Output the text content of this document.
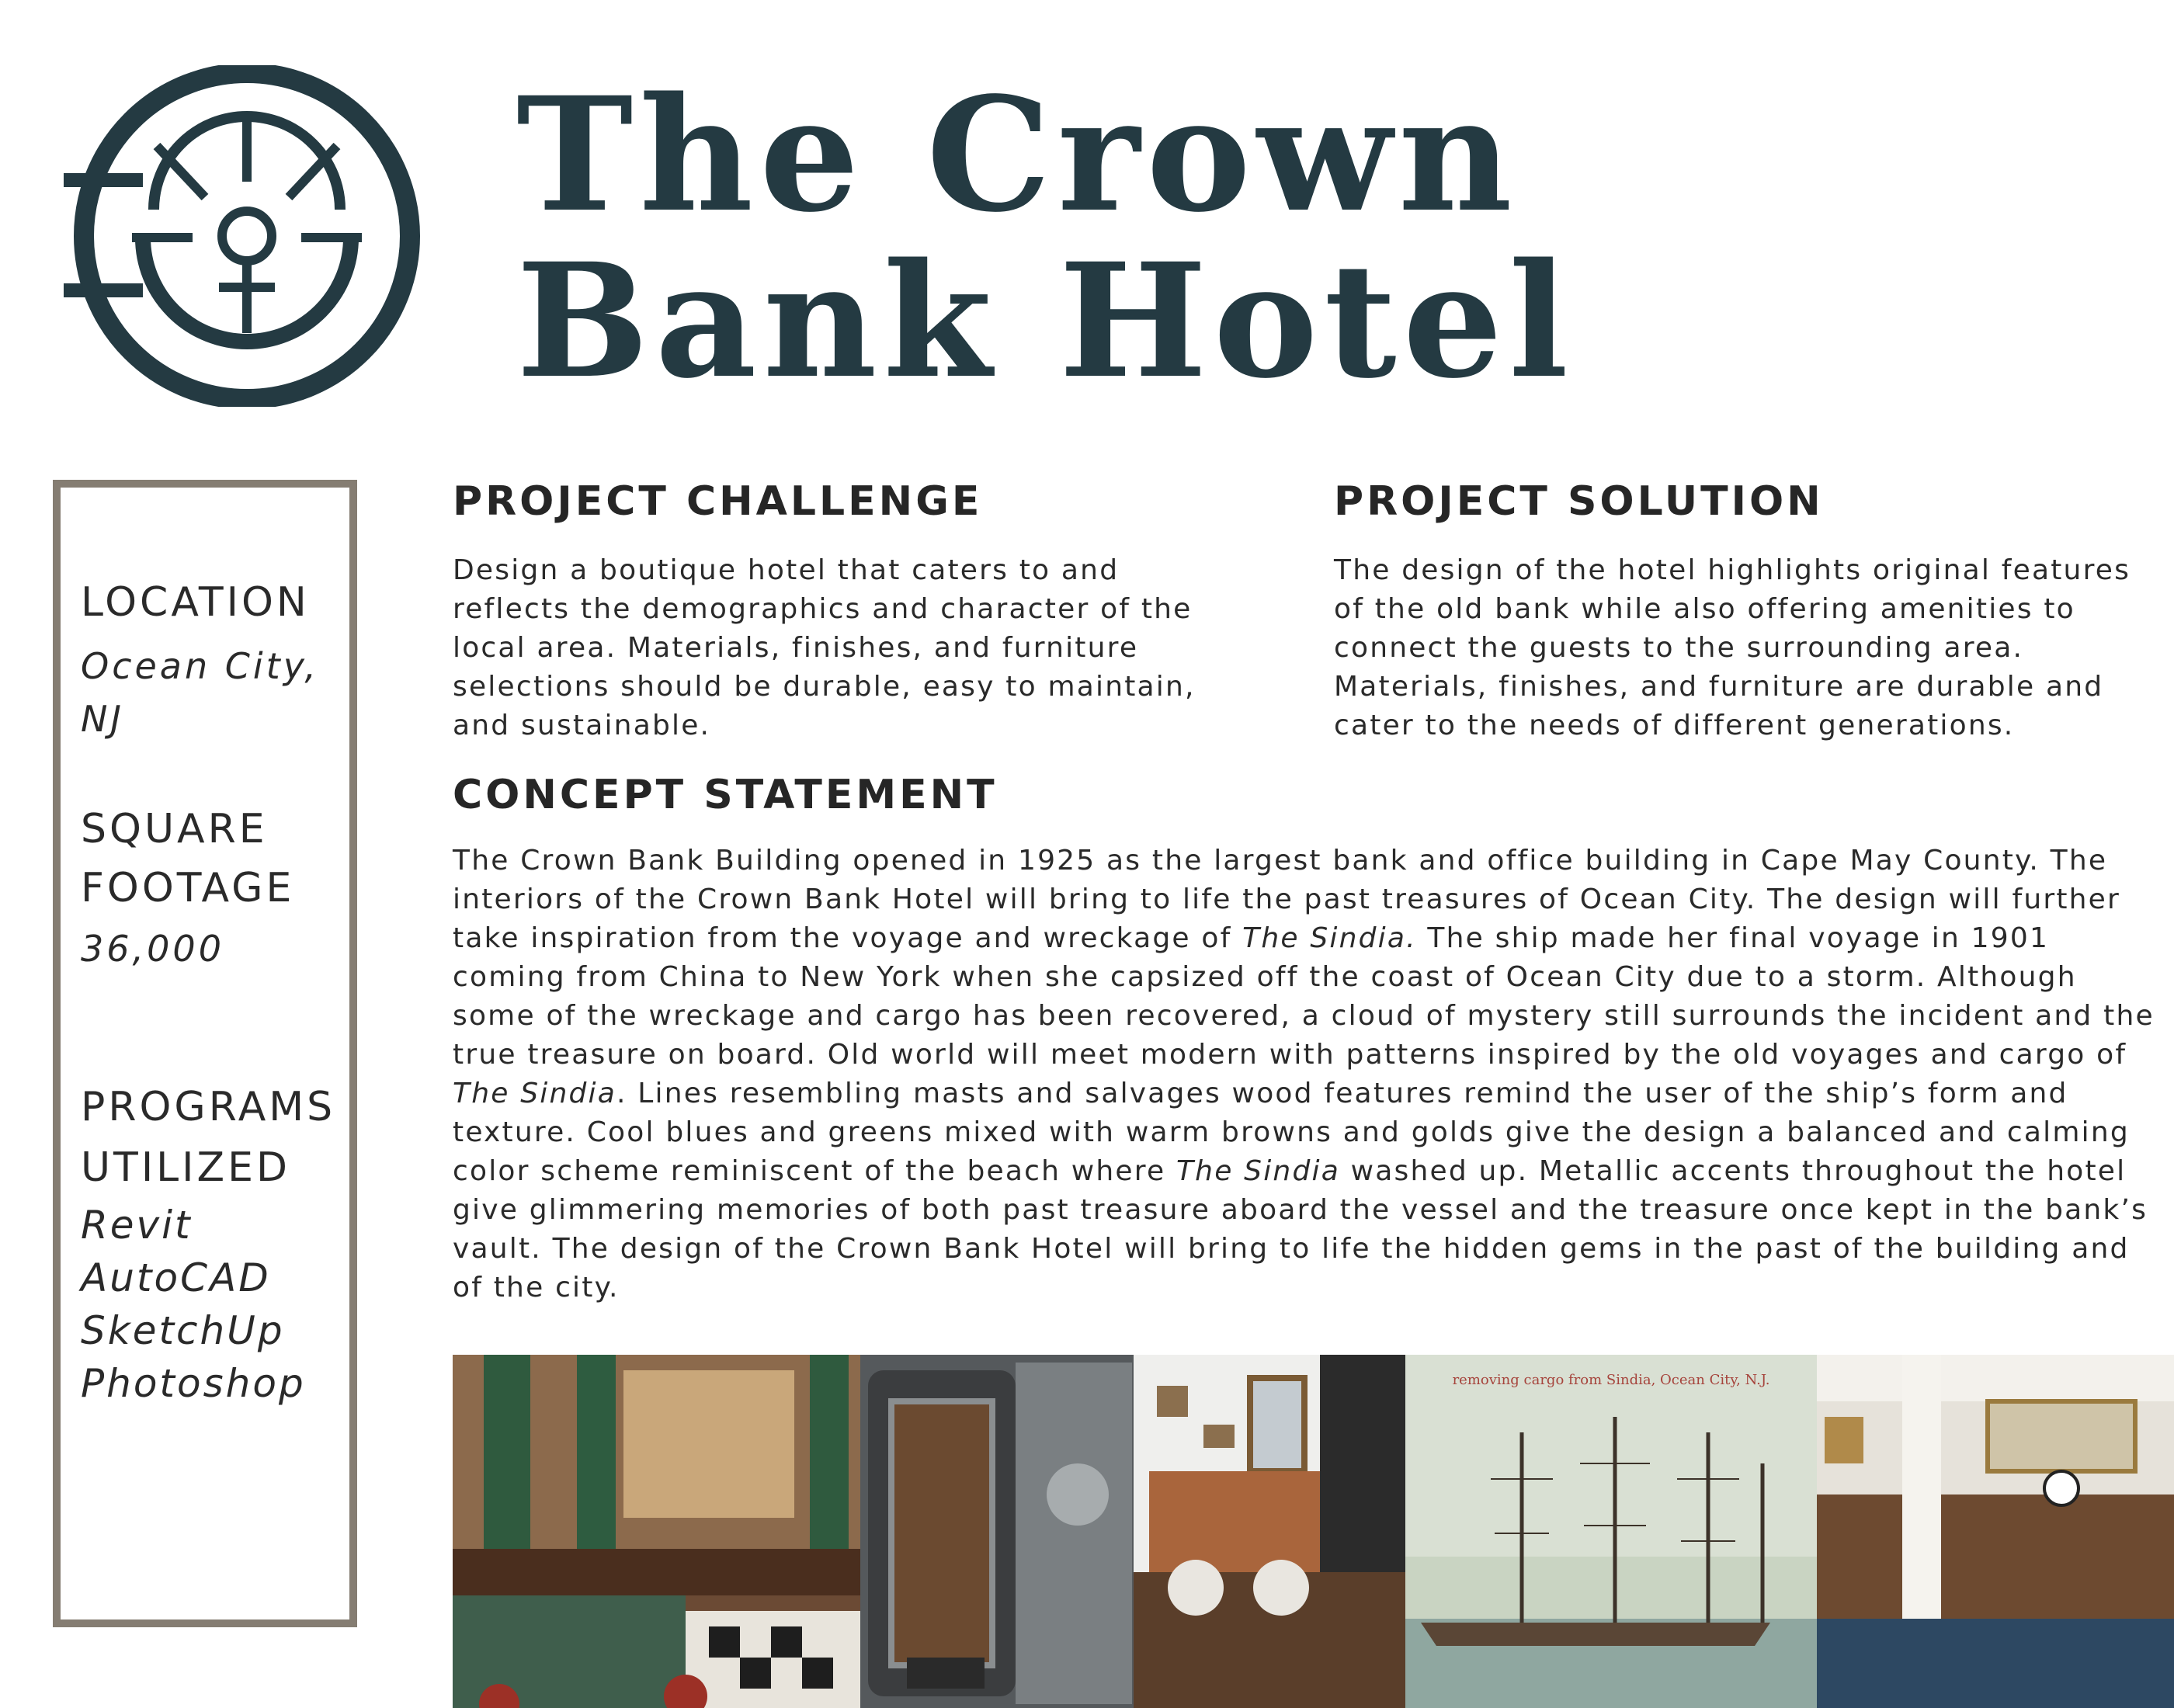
The Crown
Bank Hotel
LOCATION

Ocean City, NJ

SQUARE
FOOTAGE

36,000

PROGRAMS
UTILIZED
Revit
AutoCAD
SketchUp
Photoshop
PROJECT CHALLENGE

Design a boutique hotel that caters to and reflects the demographics and character of the local area. Materials, finishes, and furniture selections should be durable, easy to maintain, and sustainable.

PROJECT SOLUTION

The design of the hotel highlights original features of the old bank while also offering amenities to connect the guests to the surrounding area. Materials, finishes, and furniture are durable and cater to the needs of different generations.

CONCEPT STATEMENT

The Crown Bank Building opened in 1925 as the largest bank and office building in Cape May County. The interiors of the Crown Bank Hotel will bring to life the past treasures of Ocean City. The design will further take inspiration from the voyage and wreckage of The Sindia. The ship made her final voyage in 1901 coming from China to New York when she capsized off the coast of Ocean City due to a storm. Although some of the wreckage and cargo has been recovered, a cloud of mystery still surrounds the incident and the true treasure on board. Old world will meet modern with patterns inspired by the old voyages and cargo of The Sindia. Lines resembling masts and salvages wood features remind the user of the ship’s form and texture. Cool blues and greens mixed with warm browns and golds give the design a balanced and calming color scheme reminiscent of the beach where The Sindia washed up. Metallic accents throughout the hotel give glimmering memories of both past treasure aboard the vessel and the treasure once kept in the bank’s vault. The design of the Crown Bank Hotel will bring to life the hidden gems in the past of the building and of the city.

removing cargo from Sindia, Ocean City, N.J.
